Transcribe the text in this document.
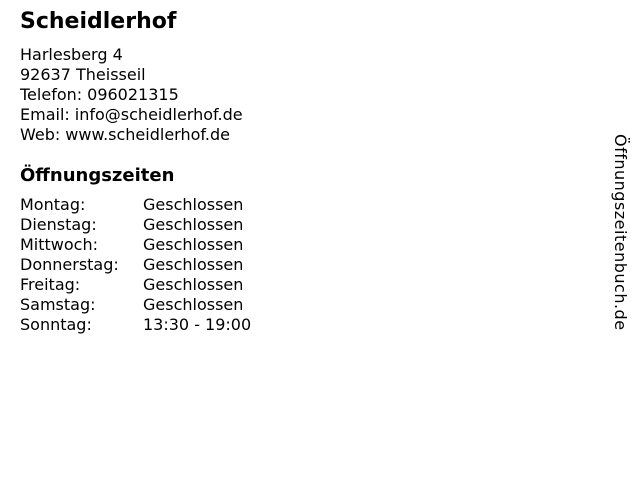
Scheidlerhof
Harlesberg 4
92637 Theisseil
Telefon: 096021315
Email: info@scheidlerhof.de
Web: www.scheidlerhof.de
Öffnungszeiten
Montag:	Geschlossen
Dienstag:	Geschlossen
Mittwoch:	Geschlossen
Donnerstag:	Geschlossen
Freitag:	Geschlossen
Samstag:	Geschlossen
Sonntag:	13:30 - 19:00	Öffnungszeitenbuch.de
